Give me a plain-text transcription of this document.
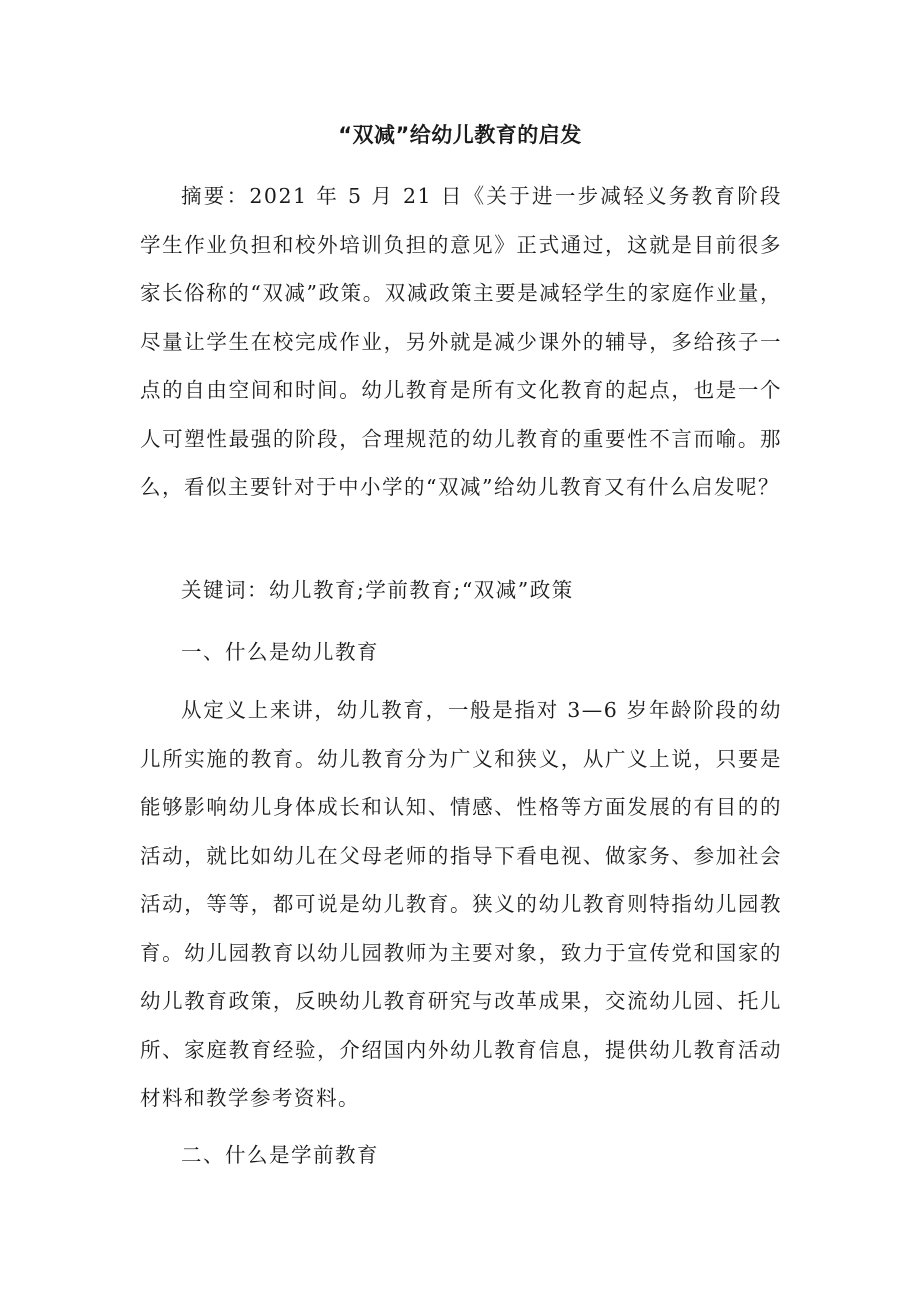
“双减”给幼儿教育的启发

摘要：2021 年 5 月 21 日《关于进一步减轻义务教育阶段学生作业负担和校外培训负担的意见》正式通过，这就是目前很多家长俗称的“双减”政策。双减政策主要是减轻学生的家庭作业量，尽量让学生在校完成作业，另外就是减少课外的辅导，多给孩子一点的自由空间和时间。幼儿教育是所有文化教育的起点，也是一个人可塑性最强的阶段，合理规范的幼儿教育的重要性不言而喻。那么，看似主要针对于中小学的“双减”给幼儿教育又有什么启发呢？

关键词：幼儿教育;学前教育;“双减”政策

一、什么是幼儿教育

从定义上来讲，幼儿教育，一般是指对 3—6 岁年龄阶段的幼儿所实施的教育。幼儿教育分为广义和狭义，从广义上说，只要是能够影响幼儿身体成长和认知、情感、性格等方面发展的有目的的活动，就比如幼儿在父母老师的指导下看电视、做家务、参加社会活动，等等，都可说是幼儿教育。狭义的幼儿教育则特指幼儿园教育。幼儿园教育以幼儿园教师为主要对象，致力于宣传党和国家的幼儿教育政策，反映幼儿教育研究与改革成果，交流幼儿园、托儿所、家庭教育经验，介绍国内外幼儿教育信息，提供幼儿教育活动材料和教学参考资料。

二、什么是学前教育
